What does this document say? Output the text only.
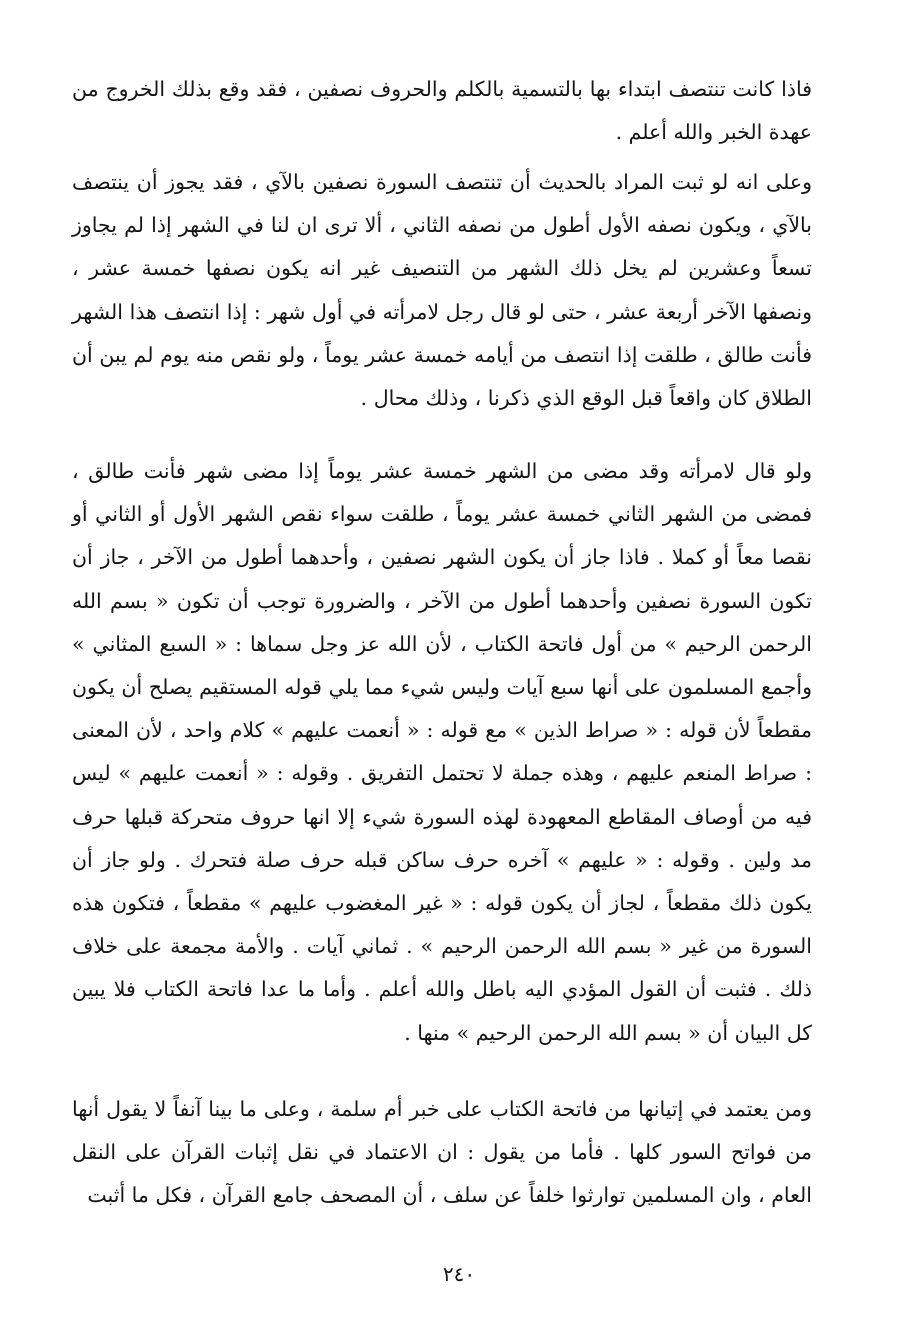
فاذا كانت تنتصف ابتداء بها بالتسمية بالكلم والحروف نصفين ، فقد وقع بذلك الخروج من عهدة الخبر والله أعلم .

وعلى انه لو ثبت المراد بالحديث أن تنتصف السورة نصفين بالآي ، فقد يجوز أن ينتصف بالآي ، ويكون نصفه الأول أطول من نصفه الثاني ، ألا ترى ان لنا في الشهر إذا لم يجاوز تسعاً وعشرين لم يخل ذلك الشهر من التنصيف غير انه يكون نصفها خمسة عشر ، ونصفها الآخر أربعة عشر ، حتى لو قال رجل لامرأته في أول شهر : إذا انتصف هذا الشهر فأنت طالق ، طلقت إذا انتصف من أيامه خمسة عشر يوماً ، ولو نقص منه يوم لم يبن أن الطلاق كان واقعاً قبل الوقع الذي ذكرنا ، وذلك محال .

ولو قال لامرأته وقد مضى من الشهر خمسة عشر يوماً إذا مضى شهر فأنت طالق ، فمضى من الشهر الثاني خمسة عشر يوماً ، طلقت سواء نقص الشهر الأول أو الثاني أو نقصا معاً أو كملا . فاذا جاز أن يكون الشهر نصفين ، وأحدهما أطول من الآخر ، جاز أن تكون السورة نصفين وأحدهما أطول من الآخر ، والضرورة توجب أن تكون « بسم الله الرحمن الرحيم » من أول فاتحة الكتاب ، لأن الله عز وجل سماها : « السبع المثاني » وأجمع المسلمون على أنها سبع آيات وليس شيء مما يلي قوله المستقيم يصلح أن يكون مقطعاً لأن قوله : « صراط الذين » مع قوله : « أنعمت عليهم » كلام واحد ، لأن المعنى : صراط المنعم عليهم ، وهذه جملة لا تحتمل التفريق . وقوله : « أنعمت عليهم » ليس فيه من أوصاف المقاطع المعهودة لهذه السورة شيء إلا انها حروف متحركة قبلها حرف مد ولين . وقوله : « عليهم » آخره حرف ساكن قبله حرف صلة فتحرك . ولو جاز أن يكون ذلك مقطعاً ، لجاز أن يكون قوله : « غير المغضوب عليهم » مقطعاً ، فتكون هذه السورة من غير « بسم الله الرحمن الرحيم » . ثماني آيات . والأمة مجمعة على خلاف ذلك . فثبت أن القول المؤدي اليه باطل والله أعلم . وأما ما عدا فاتحة الكتاب فلا يبين كل البيان أن « بسم الله الرحمن الرحيم » منها .

ومن يعتمد في إتيانها من فاتحة الكتاب على خبر أم سلمة ، وعلى ما بينا آنفاً لا يقول أنها من فواتح السور كلها . فأما من يقول : ان الاعتماد في نقل إثبات القرآن على النقل العام ، وان المسلمين توارثوا خلفاً عن سلف ، أن المصحف جامع القرآن ، فكل ما أثبت

٢٤٠
